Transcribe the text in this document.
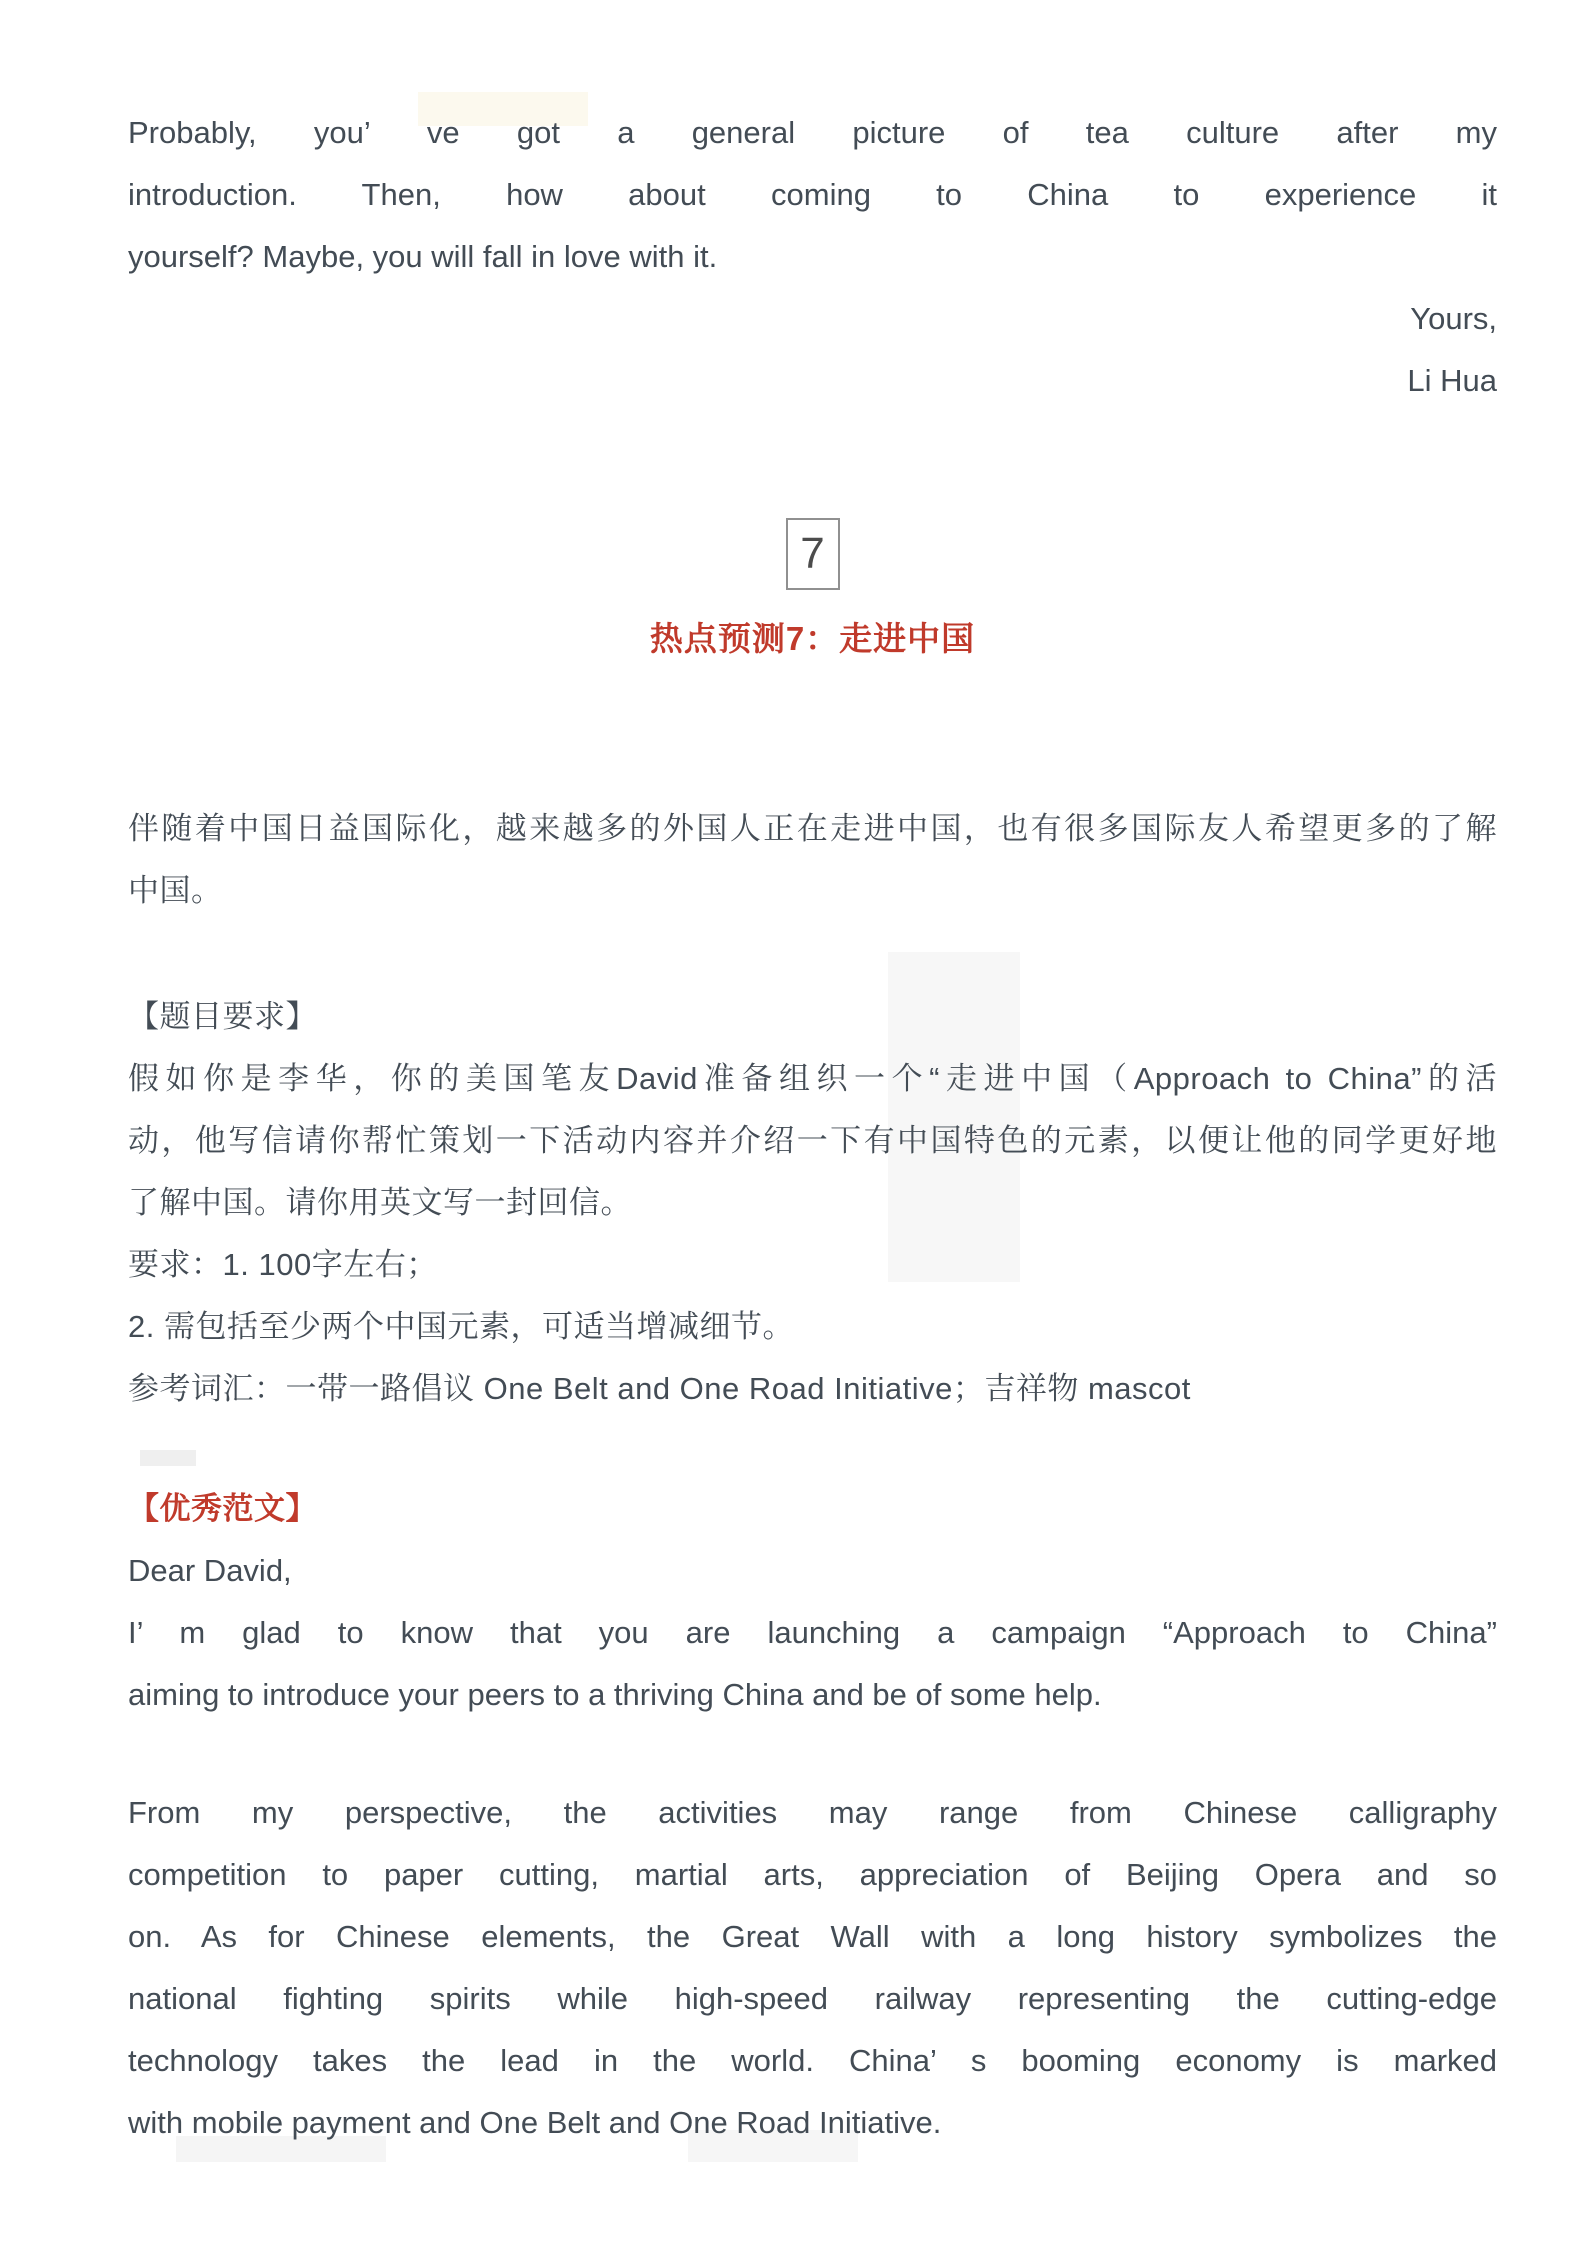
Probably, you’ ve got a general picture of tea culture after my

introduction. Then, how about coming to China to experience it

yourself? Maybe, you will fall in love with it.

Yours,

Li Hua

7
热点预测7：走进中国

伴随着中国日益国际化，越来越多的外国人正在走进中国，也有很多国际友人希望更多的了解

中国。

【题目要求】

假如你是李华，你的美国笔友David准备组织一个“走进中国（Approach to China”的活

动，他写信请你帮忙策划一下活动内容并介绍一下有中国特色的元素，以便让他的同学更好地

了解中国。请你用英文写一封回信。

要求：1. 100字左右；

2. 需包括至少两个中国元素，可适当增减细节。

参考词汇：一带一路倡议 One Belt and One Road Initiative；吉祥物 mascot

【优秀范文】

Dear David,

I’ m glad to know that you are launching a campaign “Approach to China”

aiming to introduce your peers to a thriving China and be of some help.

From my perspective, the activities may range from Chinese calligraphy

competition to paper cutting, martial arts, appreciation of Beijing Opera and so

on. As for Chinese elements, the Great Wall with a long history symbolizes the

national fighting spirits while high-speed railway representing the cutting-edge

technology takes the lead in the world. China’ s booming economy is marked

with mobile payment and One Belt and One Road Initiative.
